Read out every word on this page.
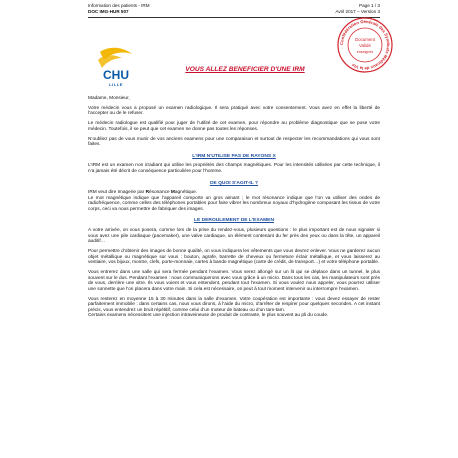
Information des patients - IRM
DOC IMG-HUR 507
Page 1 / 3
Avril 2017 – Version 3
CHU
LILLE
Confédération Générale des Syndicats Médicaux de la Vie
Document
Validé
enseignés
VOUS ALLEZ BENEFICIER D'UNE IRM

Madame, Monsieur,

Votre médecin vous a proposé un examen radiologique. Il sera pratiqué avec votre consentement. Vous avez en effet la liberté de l’accepter ou de le refuser.

Le médecin radiologue est qualifié pour juger de l’utilité de cet examen, pour répondre au problème diagnostique que se pose votre médecin. Toutefois, il se peut que cet examen ne donne pas toutes les réponses.

N’oubliez pas de vous munir de vos anciens examens pour une comparaison et surtout de respecter les recommandations qui vous sont faites.

L'IRM N'UTILISE PAS DE RAYONS X

L’IRM est un examen non irradiant qui utilise les propriétés des champs magnétiques. Pour les intensités utilisées par cette technique, il n’a jamais été décrit de conséquence particulière pour l’homme.

DE QUOI S'AGIT-IL ?

IRM veut dire Imagerie par Résonance Magnétique.

Le mot magnétique indique que l’appareil comporte un gros aimant ; le mot résonance indique que l’on va utiliser des ondes de radiofréquence, comme celles des téléphones portables pour faire vibrer les nombreux noyaux d’hydrogène composant les tissus de votre corps, ceci va nous permettre de fabriquer des images.

LE DEROULEMENT DE L'EXAMEN

A votre arrivée, on vous posera, comme lors de la prise du rendez-vous, plusieurs questions : le plus important est de nous signaler si vous avez une pile cardiaque (pacemaker), une valve cardiaque, un élément contenant du fer près des yeux ou dans la tête, un appareil auditif…

Pour permettre d’obtenir des images de bonne qualité, on vous indiquera les vêtements que vous devrez enlever. Vous ne garderez aucun objet métallique ou magnétique sur vous : bouton, agrafe, barrette de cheveux ou fermeture éclair métallique, et vous laisserez au vestiaire, vos bijoux, montre, clefs, porte-monnaie, cartes à bande magnétique (carte de crédit, de transport…) et votre téléphone portable.

Vous entrerez dans une salle qui sera fermée pendant l’examen. Vous serez allongé sur un lit qui se déplace dans un tunnel, le plus souvent sur le dos. Pendant l’examen : nous communiquerons avec vous grâce à un micro. Dans tous les cas, les manipulateurs sont près de vous, derrière une vitre. Ils vous voient et vous entendent, pendant tout l’examen. Si vous voulez nous appeler, vous pourrez utiliser une sonnette que l’on placera dans votre main. Si cela est nécessaire, on peut à tout moment intervenir ou interrompre l’examen.

Vous resterez en moyenne 15 à 30 minutes dans la salle d’examen. Votre coopération est importante : vous devez essayer de rester parfaitement immobile : dans certains cas, nous vous dirons, à l’aide du micro, d’arrêter de respirer pour quelques secondes. A cet instant précis, vous entendrez un bruit répétitif, comme celui d’un moteur de bateau ou d’un tam-tam.

Certains examens nécessitent une injection intraveineuse de produit de contraste, le plus souvent au pli du coude.
